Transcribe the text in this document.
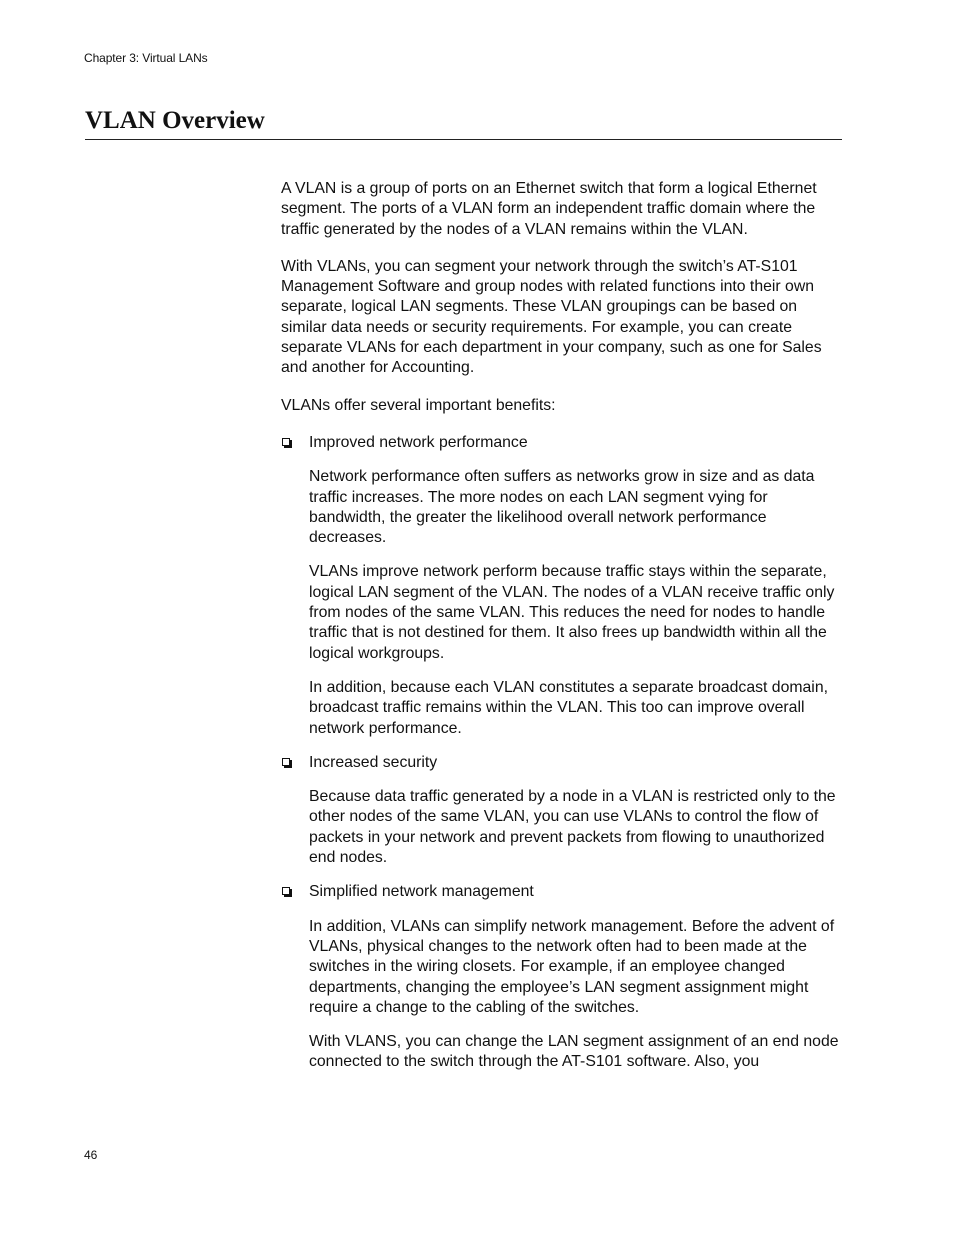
Chapter 3: Virtual LANs
VLAN Overview

A VLAN is a group of ports on an Ethernet switch that form a logical Ethernet segment. The ports of a VLAN form an independent traffic domain where the traffic generated by the nodes of a VLAN remains within the VLAN.

With VLANs, you can segment your network through the switch’s AT-S101 Management Software and group nodes with related functions into their own separate, logical LAN segments. These VLAN groupings can be based on similar data needs or security requirements. For example, you can create separate VLANs for each department in your company, such as one for Sales and another for Accounting.

VLANs offer several important benefits:

Improved network performance

Network performance often suffers as networks grow in size and as data traffic increases. The more nodes on each LAN segment vying for bandwidth, the greater the likelihood overall network performance decreases.

VLANs improve network perform because traffic stays within the separate, logical LAN segment of the VLAN. The nodes of a VLAN receive traffic only from nodes of the same VLAN. This reduces the need for nodes to handle traffic that is not destined for them. It also frees up bandwidth within all the logical workgroups.

In addition, because each VLAN constitutes a separate broadcast domain, broadcast traffic remains within the VLAN. This too can improve overall network performance.

Increased security

Because data traffic generated by a node in a VLAN is restricted only to the other nodes of the same VLAN, you can use VLANs to control the flow of packets in your network and prevent packets from flowing to unauthorized end nodes.

Simplified network management

In addition, VLANs can simplify network management. Before the advent of VLANs, physical changes to the network often had to been made at the switches in the wiring closets. For example, if an employee changed departments, changing the employee’s LAN segment assignment might require a change to the cabling of the switches.

With VLANS, you can change the LAN segment assignment of an end node connected to the switch through the AT-S101 software. Also, you

46
